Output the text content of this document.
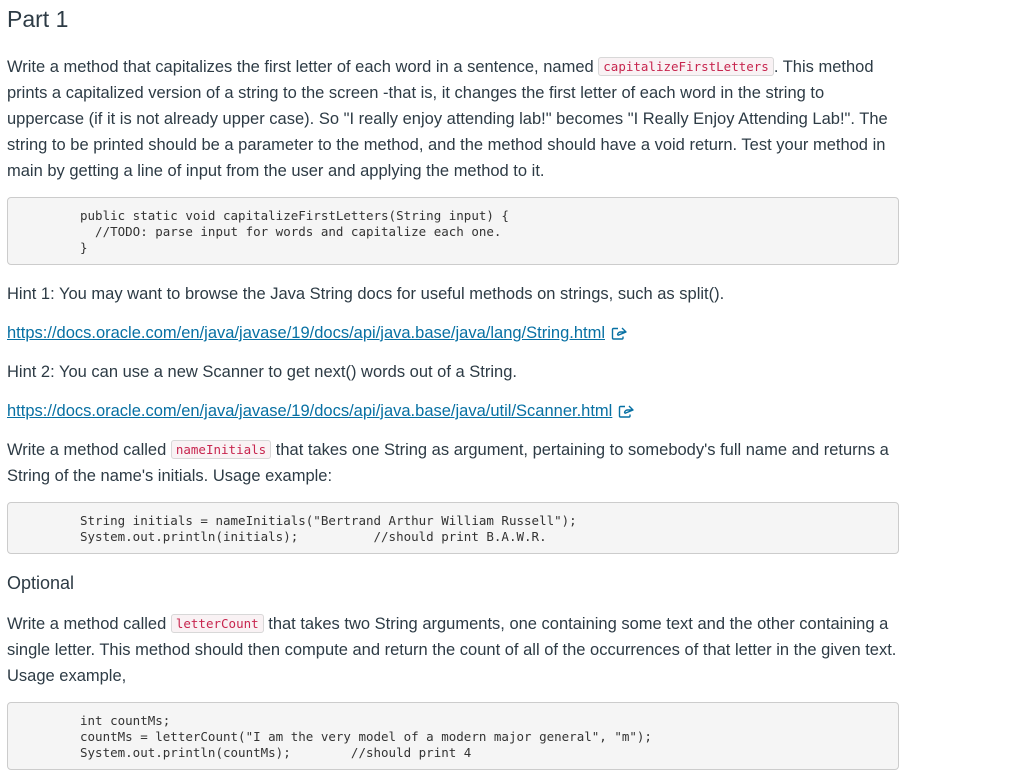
Part 1

Write a method that capitalizes the first letter of each word in a sentence, named capitalizeFirstLetters . This method prints a capitalized version of a string to the screen -that is, it changes the first letter of each word in the string to uppercase (if it is not already upper case). So "I really enjoy attending lab!" becomes "I Really Enjoy Attending Lab!". The string to be printed should be a parameter to the method, and the method should have a void return. Test your method in main by getting a line of input from the user and applying the method to it.

public static void capitalizeFirstLetters(String input) {
//TODO: parse input for words and capitalize each one.
}

Hint 1: You may want to browse the Java String docs for useful methods on strings, such as split().

https://docs.oracle.com/en/java/javase/19/docs/api/java.base/java/lang/String.html

Hint 2: You can use a new Scanner to get next() words out of a String.

https://docs.oracle.com/en/java/javase/19/docs/api/java.base/java/util/Scanner.html

Write a method called nameInitials that takes one String as argument, pertaining to somebody's full name and returns a String of the name's initials. Usage example:

String initials = nameInitials("Bertrand Arthur William Russell");
System.out.println(initials);          //should print B.A.W.R.
Optional

Write a method called letterCount that takes two String arguments, one containing some text and the other containing a single letter. This method should then compute and return the count of all of the occurrences of that letter in the given text. Usage example,

int countMs;
countMs = letterCount("I am the very model of a modern major general", "m");
System.out.println(countMs);        //should print 4
